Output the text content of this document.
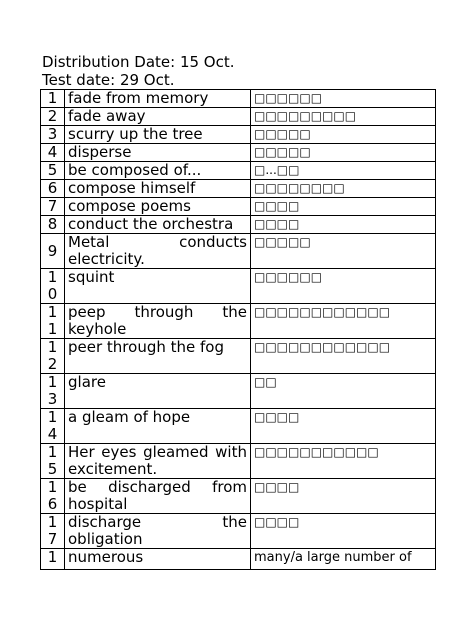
Distribution Date: 15 Oct.
Test date: 29 Oct.
1	fade from memory	□□□□□□
2	fade away	□□□□□□□□□
3	scurry up the tree	□□□□□
4	disperse	□□□□□
5	be composed of...	□...□□
6	compose himself	□□□□□□□□
7	compose poems	□□□□
8	conduct the orchestra	□□□□
9	Metal conducts electricity.	□□□□□
10	squint	□□□□□□
11	peep through the keyhole	□□□□□□□□□□□□
12	peer through the fog	□□□□□□□□□□□□
13	glare	□□
14	a gleam of hope	□□□□
15	Her eyes gleamed with excitement.	□□□□□□□□□□□
16	be discharged from hospital	□□□□
17	discharge the obligation	□□□□
1	numerous	many/a large number of
